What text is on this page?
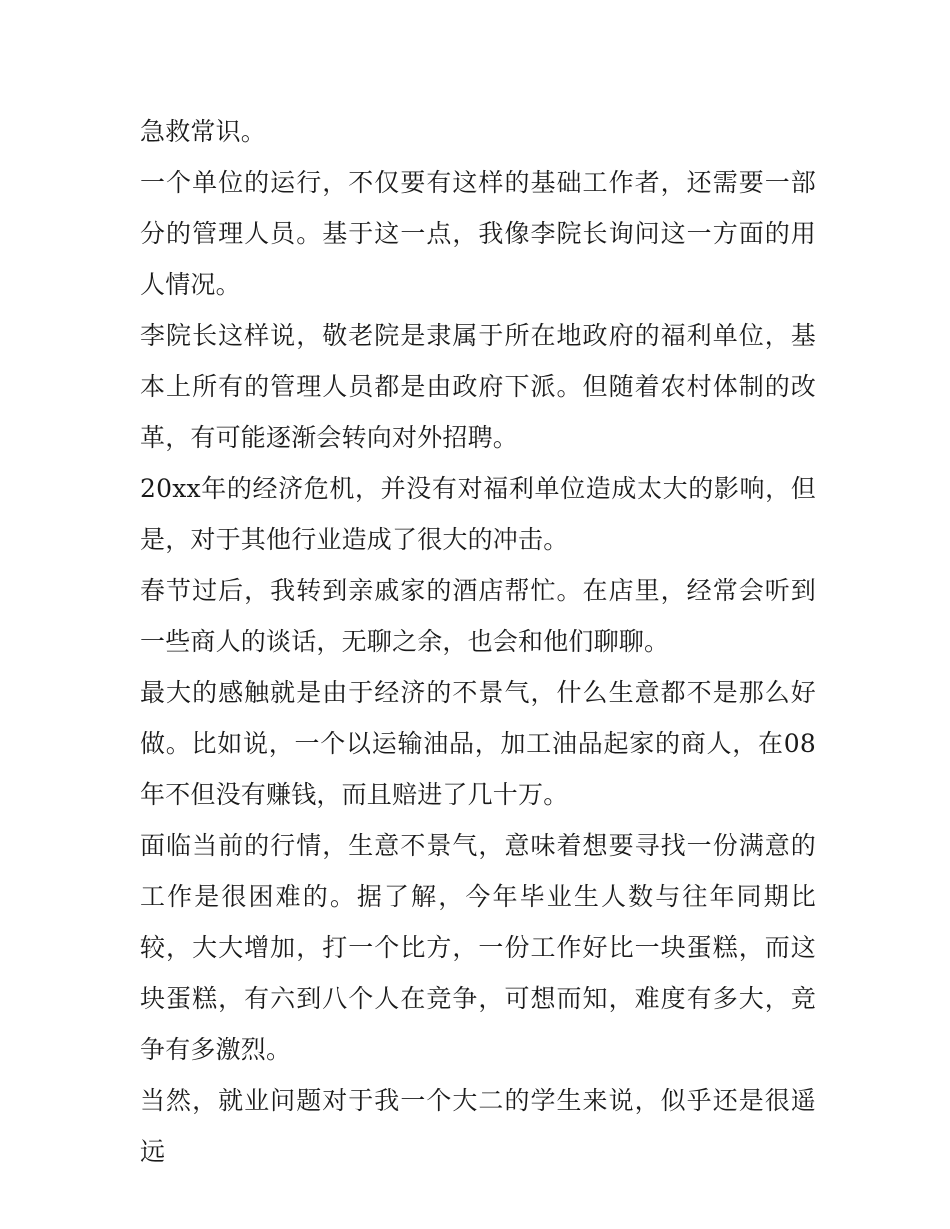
急救常识。

一个单位的运行，不仅要有这样的基础工作者，还需要一部分的管理人员。基于这一点，我像李院长询问这一方面的用人情况。

李院长这样说，敬老院是隶属于所在地政府的福利单位，基本上所有的管理人员都是由政府下派。但随着农村体制的改革，有可能逐渐会转向对外招聘。

20xx年的经济危机，并没有对福利单位造成太大的影响，但是，对于其他行业造成了很大的冲击。

春节过后，我转到亲戚家的酒店帮忙。在店里，经常会听到一些商人的谈话，无聊之余，也会和他们聊聊。

最大的感触就是由于经济的不景气，什么生意都不是那么好做。比如说，一个以运输油品，加工油品起家的商人，在08年不但没有赚钱，而且赔进了几十万。

面临当前的行情，生意不景气，意味着想要寻找一份满意的工作是很困难的。据了解，今年毕业生人数与往年同期比较，大大增加，打一个比方，一份工作好比一块蛋糕，而这块蛋糕，有六到八个人在竞争，可想而知，难度有多大，竞争有多激烈。

当然，就业问题对于我一个大二的学生来说，似乎还是很遥远
